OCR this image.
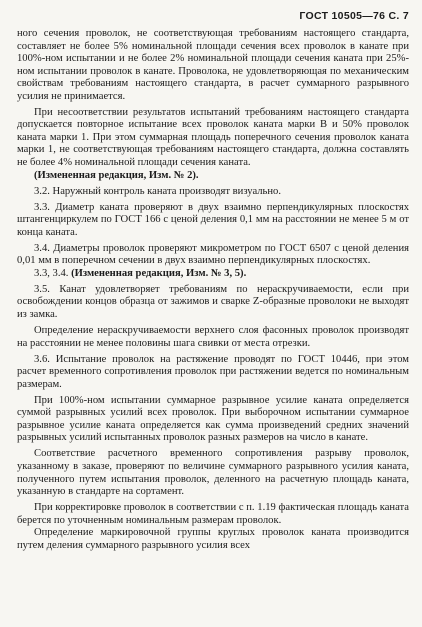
ГОСТ 10505—76 С. 7

ного сечения проволок, не соответствующая требованиям настоящего стандарта, составляет не более 5% номинальной площади сечения всех проволок в канате при 100%-ном испытании и не более 2% номинальной площади сечения каната при 25%-ном испытании проволок в канате. Проволока, не удовлетворяющая по механическим свойствам требованиям настоящего стандарта, в расчет суммарного разрывного усилия не принимается.

При несоответствии результатов испытаний требованиям настоящего стандарта допускается повторное испытание всех проволок каната марки В и 50% проволок каната марки 1. При этом суммарная площадь поперечного сечения проволок каната марки 1, не соответствующая требованиям настоящего стандарта, должна составлять не более 4% номинальной площади сечения каната.

(Измененная редакция, Изм. № 2).

3.2. Наружный контроль каната производят визуально.

3.3. Диаметр каната проверяют в двух взаимно перпендикулярных плоскостях штангенциркулем по ГОСТ 166 с ценой деления 0,1 мм на расстоянии не менее 5 м от конца каната.

3.4. Диаметры проволок проверяют микрометром по ГОСТ 6507 с ценой деления 0,01 мм в поперечном сечении в двух взаимно перпендикулярных плоскостях.

3.3, 3.4. (Измененная редакция, Изм. № 3, 5).

3.5. Канат удовлетворяет требованиям по нераскручиваемости, если при освобождении концов образца от зажимов и сварке Z-образные проволоки не выходят из замка.

Определение нераскручиваемости верхнего слоя фасонных проволок производят на расстоянии не менее половины шага свивки от места отрезки.

3.6. Испытание проволок на растяжение проводят по ГОСТ 10446, при этом расчет временного сопротивления проволок при растяжении ведется по номинальным размерам.

При 100%-ном испытании суммарное разрывное усилие каната определяется суммой разрывных усилий всех проволок. При выборочном испытании суммарное разрывное усилие каната определяется как сумма произведений средних значений разрывных усилий испытанных проволок разных размеров на число в канате.

Соответствие расчетного временного сопротивления разрыву проволок, указанному в заказе, проверяют по величине суммарного разрывного усилия каната, полученного путем испытания проволок, деленного на расчетную площадь каната, указанную в стандарте на сортамент.

При корректировке проволок в соответствии с п. 1.19 фактическая площадь каната берется по уточненным номинальным размерам проволок.

Определение маркировочной группы круглых проволок каната производится путем деления суммарного разрывного усилия всех
